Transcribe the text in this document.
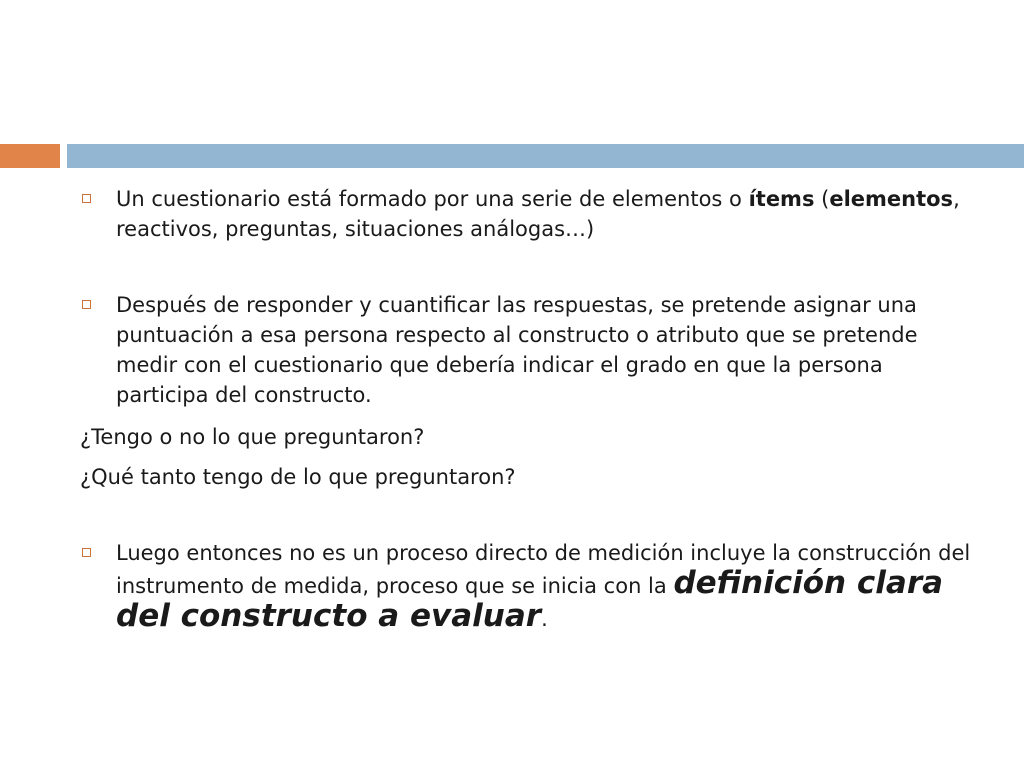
Un cuestionario está formado por una serie de elementos o ítems (elementos, reactivos, preguntas, situaciones análogas…)
Después de responder y cuantificar las respuestas, se pretende asignar una puntuación a esa persona respecto al constructo o atributo que se pretende medir con el cuestionario que debería indicar el grado en que la persona participa del constructo.
¿Tengo o no lo que preguntaron?
¿Qué tanto tengo de lo que preguntaron?
Luego entonces no es un proceso directo de medición incluye la construcción del instrumento de medida, proceso que se inicia con la definición clara del constructo a evaluar.
